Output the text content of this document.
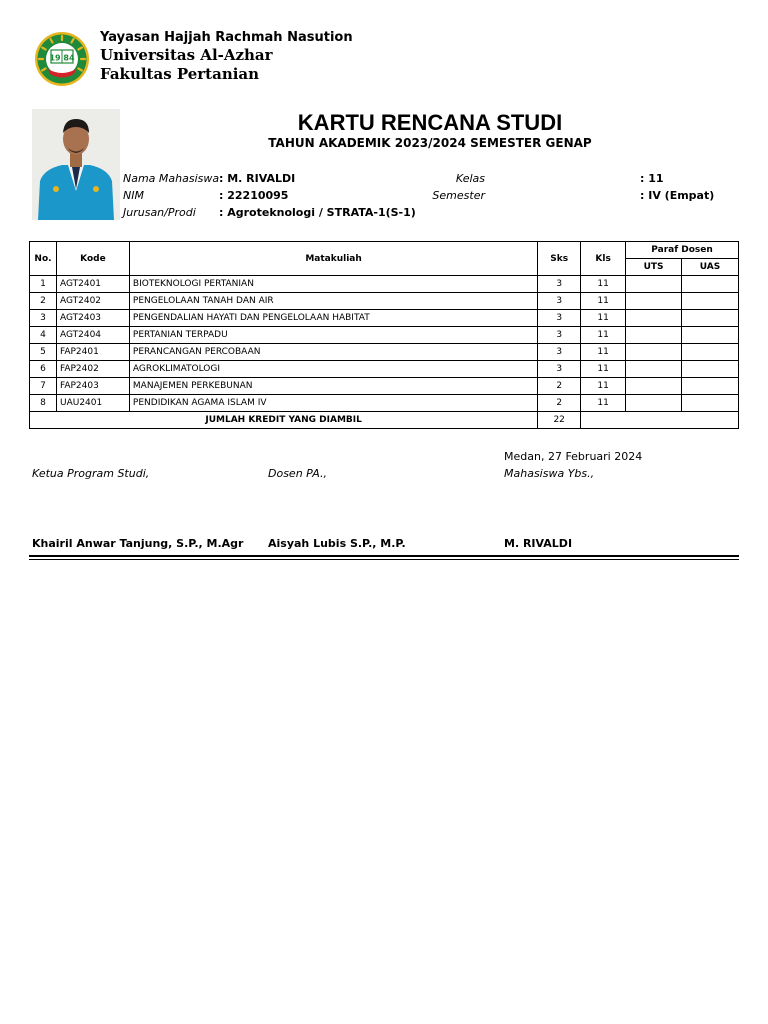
19 84
Yayasan Hajjah Rachmah Nasution
Universitas Al-Azhar
Fakultas Pertanian
KARTU RENCANA STUDI
TAHUN AKADEMIK 2023/2024 SEMESTER GENAP
Nama Mahasiswa : M. RIVALDI
NIM	: 22210095
Jurusan/Prodi : Agroteknologi / STRATA-1(S-1)
Kelas	: 11
Semester	: IV (Empat)
No.	Kode	Matakuliah	Sks	Kls	Paraf Dosen	
					UTS	UAS
1	AGT2401	BIOTEKNOLOGI PERTANIAN	3	11		
2	AGT2402	PENGELOLAAN TANAH DAN AIR	3	11		
3	AGT2403	PENGENDALIAN HAYATI DAN PENGELOLAAN HABITAT	3	11		
4	AGT2404	PERTANIAN TERPADU	3	11		
5	FAP2401	PERANCANGAN PERCOBAAN	3	11		
6	FAP2402	AGROKLIMATOLOGI	3	11		
7	FAP2403	MANAJEMEN PERKEBUNAN	2	11		
8	UAU2401	PENDIDIKAN AGAMA ISLAM IV	2	11		
JUMLAH KREDIT YANG DIAMBIL			22			
Medan, 27 Februari 2024
Ketua Program Studi,	Dosen PA.,	Mahasiswa Ybs.,
Khairil Anwar Tanjung, S.P., M.Agr Aisyah Lubis S.P., M.P.	M. RIVALDI
